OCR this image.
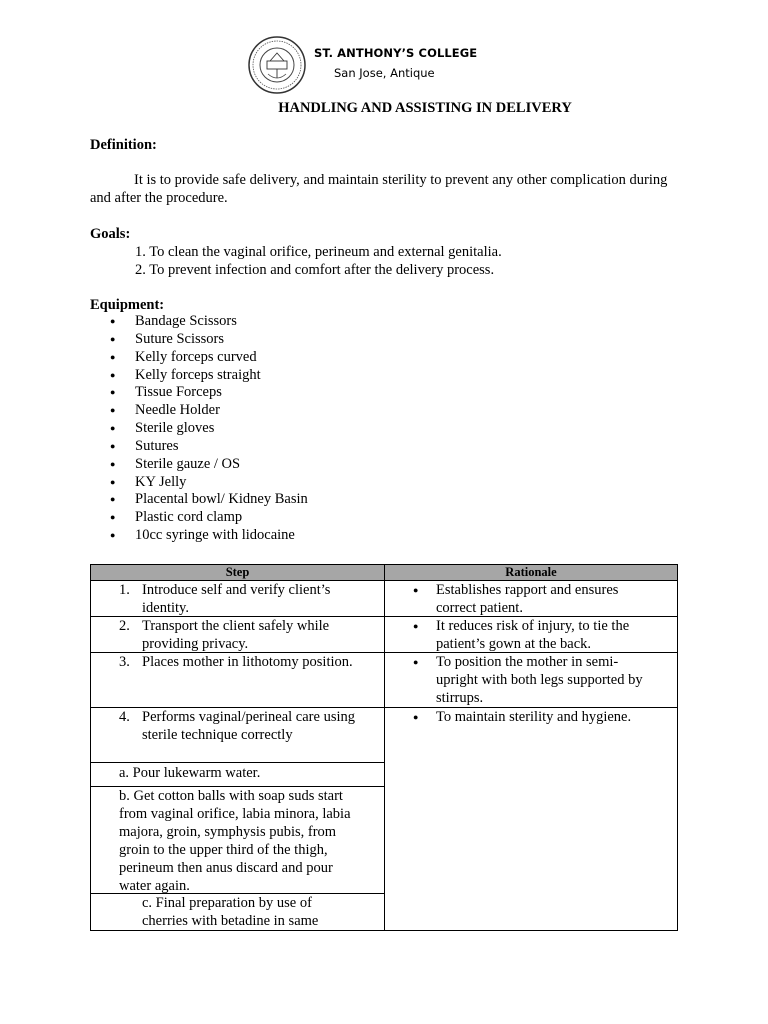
ST. ANTHONY’S COLLEGE
San Jose, Antique
HANDLING AND ASSISTING IN DELIVERY
Definition:
It is to provide safe delivery, and maintain sterility to prevent any other complication during and after the procedure.
Goals:
1. To clean the vaginal orifice, perineum and external genitalia.
2. To prevent infection and comfort after the delivery process.
Equipment:
● Bandage Scissors
● Suture Scissors
● Kelly forceps curved
● Kelly forceps straight
● Tissue Forceps
● Needle Holder
● Sterile gloves
● Sutures
● Sterile gauze / OS
● KY Jelly
● Placental bowl/ Kidney Basin
● Plastic cord clamp
● 10cc syringe with lidocaine
Step	Rationale
1. Introduce self and verify client’s
identity.
● Establishes rapport and ensures
correct patient.
2. Transport the client safely while
providing privacy.
● It reduces risk of injury, to tie the
patient’s gown at the back.
3. Places mother in lithotomy position.	● To position the mother in semi-
upright with both legs supported by
stirrups.
4. Performs vaginal/perineal care using
sterile technique correctly
● To maintain sterility and hygiene.
a. Pour lukewarm water.
b. Get cotton balls with soap suds start
from vaginal orifice, labia minora, labia
majora, groin, symphysis pubis, from
groin to the upper third of the thigh,
perineum then anus discard and pour
water again.
c. Final preparation by use of
cherries with betadine in same
